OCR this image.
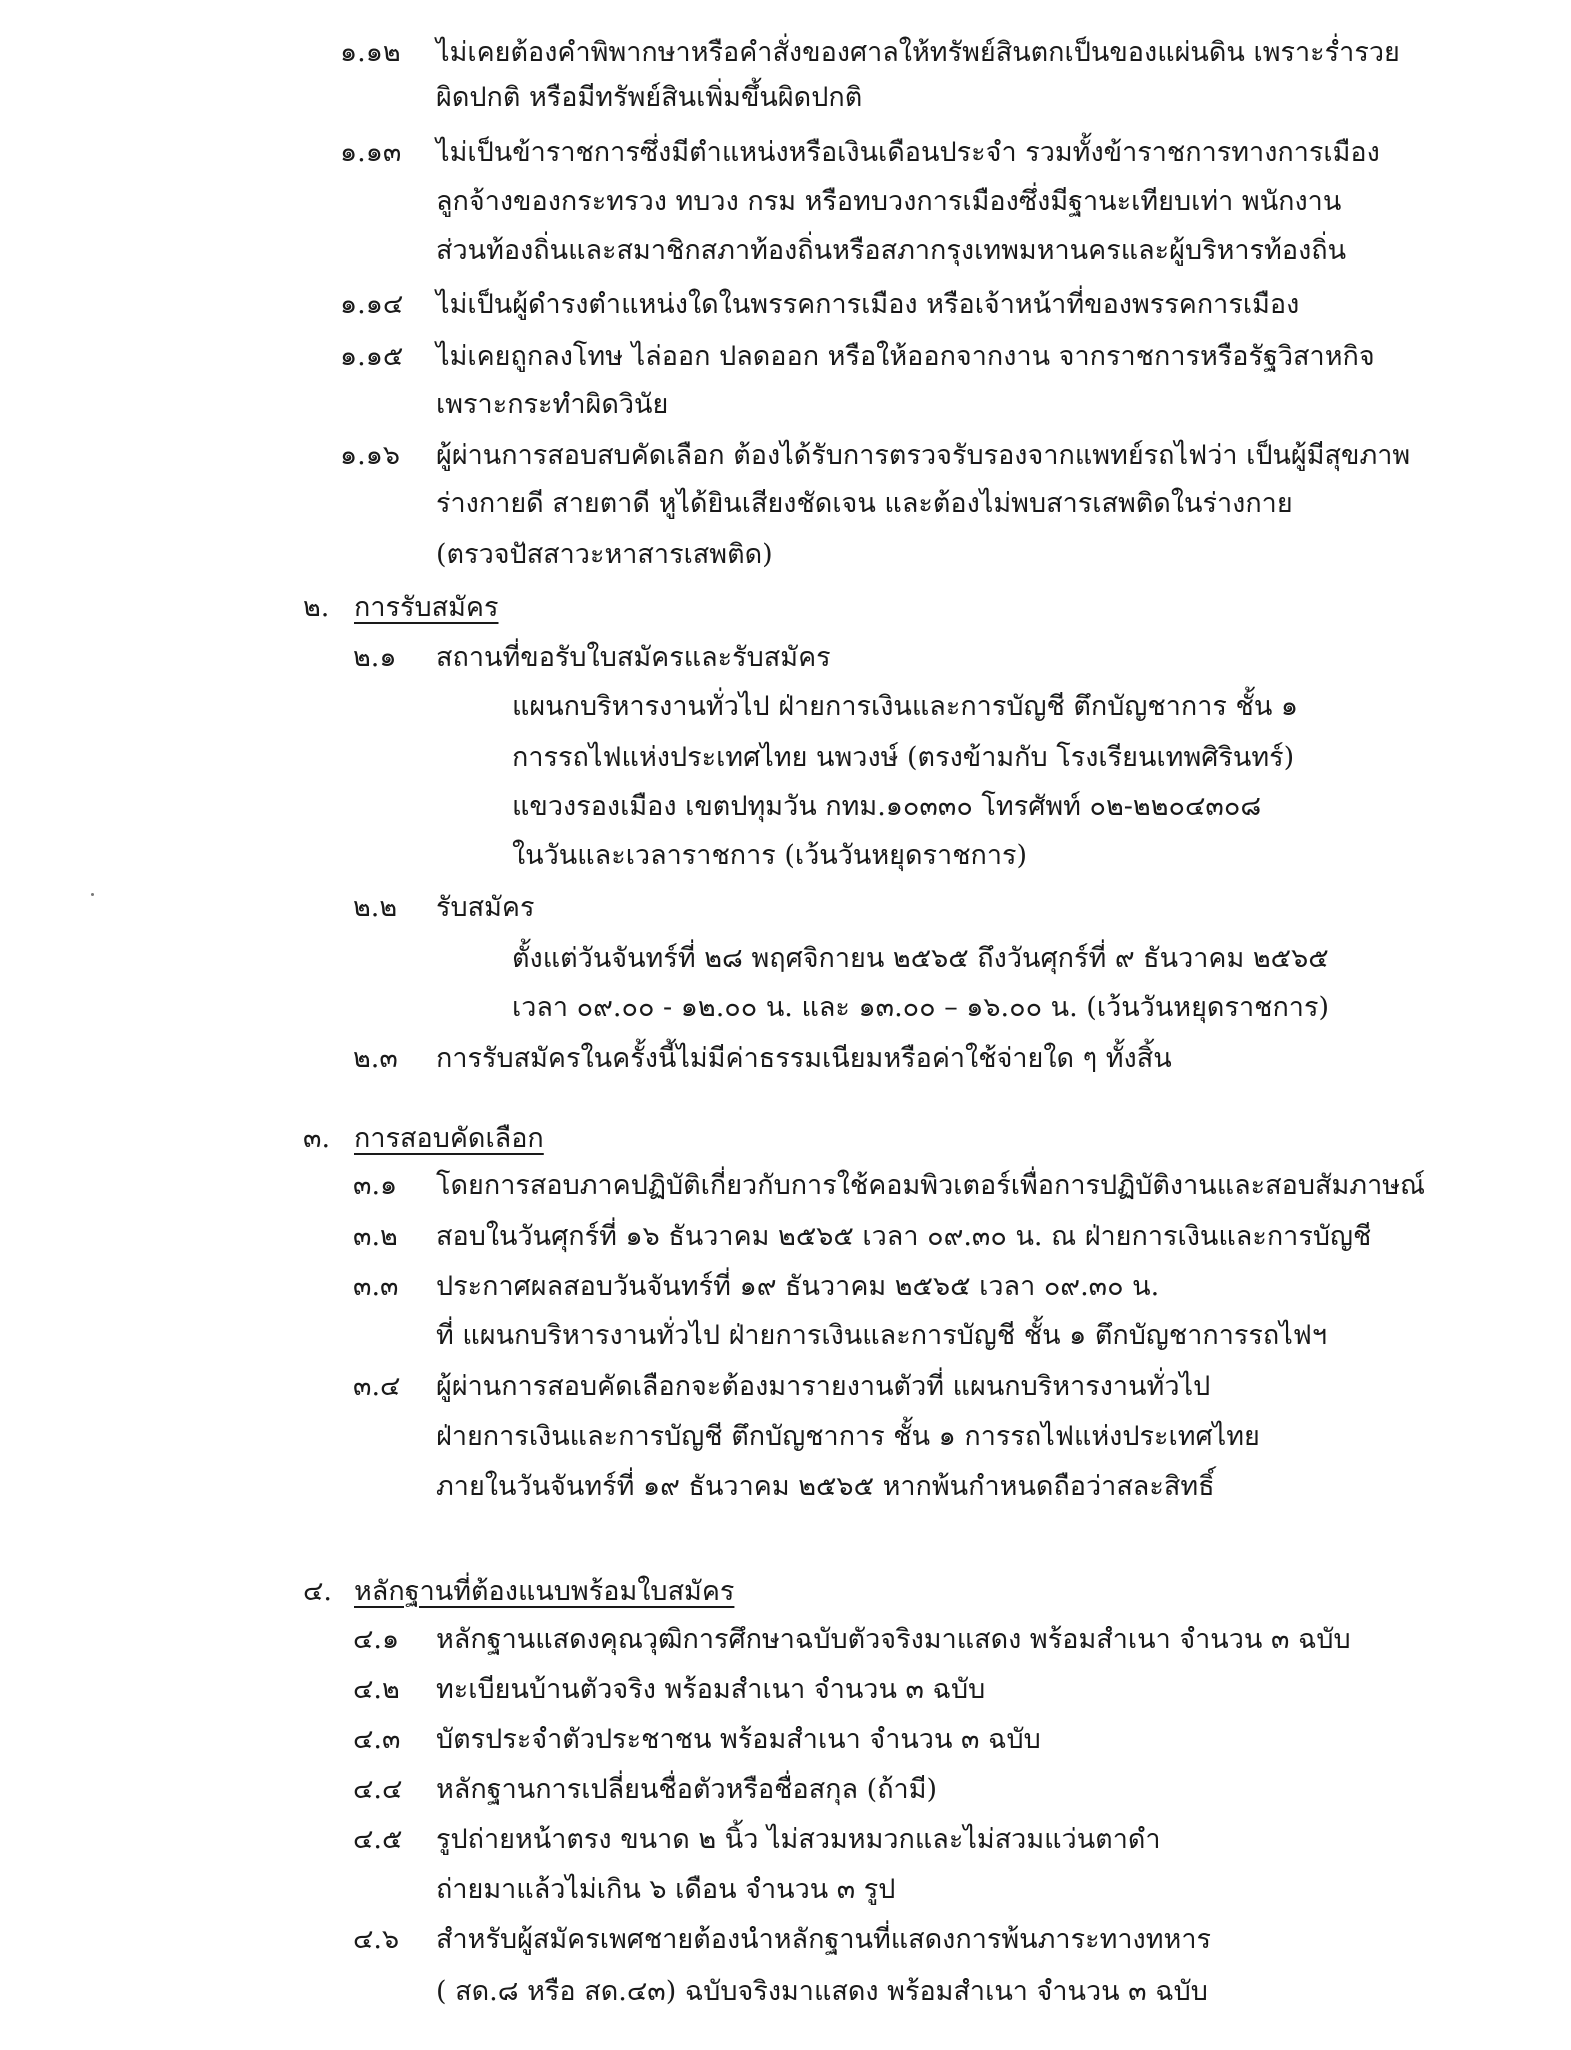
๑.๑๒ ไม่เคยต้องคำพิพากษาหรือคำสั่งของศาลให้ทรัพย์สินตกเป็นของแผ่นดิน เพราะร่ำรวย
ผิดปกติ หรือมีทรัพย์สินเพิ่มขึ้นผิดปกติ
๑.๑๓ ไม่เป็นข้าราชการซึ่งมีตำแหน่งหรือเงินเดือนประจำ รวมทั้งข้าราชการทางการเมือง
ลูกจ้างของกระทรวง ทบวง กรม หรือทบวงการเมืองซึ่งมีฐานะเทียบเท่า พนักงาน
ส่วนท้องถิ่นและสมาชิกสภาท้องถิ่นหรือสภากรุงเทพมหานครและผู้บริหารท้องถิ่น
๑.๑๔ ไม่เป็นผู้ดำรงตำแหน่งใดในพรรคการเมือง หรือเจ้าหน้าที่ของพรรคการเมือง
๑.๑๕ ไม่เคยถูกลงโทษ ไล่ออก ปลดออก หรือให้ออกจากงาน จากราชการหรือรัฐวิสาหกิจ
เพราะกระทำผิดวินัย
๑.๑๖ ผู้ผ่านการสอบสบคัดเลือก ต้องได้รับการตรวจรับรองจากแพทย์รถไฟว่า เป็นผู้มีสุขภาพ
ร่างกายดี สายตาดี หูได้ยินเสียงชัดเจน และต้องไม่พบสารเสพติดในร่างกาย
(ตรวจปัสสาวะหาสารเสพติด)
๒. การรับสมัคร
๒.๑ สถานที่ขอรับใบสมัครและรับสมัคร
แผนกบริหารงานทั่วไป ฝ่ายการเงินและการบัญชี ตึกบัญชาการ ชั้น ๑
การรถไฟแห่งประเทศไทย นพวงษ์ (ตรงข้ามกับ โรงเรียนเทพศิรินทร์)
แขวงรองเมือง เขตปทุมวัน กทม.๑๐๓๓๐ โทรศัพท์ ๐๒-๒๒๐๔๓๐๘
ในวันและเวลาราชการ (เว้นวันหยุดราชการ)
๒.๒ รับสมัคร
ตั้งแต่วันจันทร์ที่ ๒๘ พฤศจิกายน ๒๕๖๕ ถึงวันศุกร์ที่ ๙ ธันวาคม ๒๕๖๕
เวลา ๐๙.๐๐ - ๑๒.๐๐ น. และ ๑๓.๐๐ – ๑๖.๐๐ น. (เว้นวันหยุดราชการ)
๒.๓ การรับสมัครในครั้งนี้ไม่มีค่าธรรมเนียมหรือค่าใช้จ่ายใด ๆ ทั้งสิ้น
๓. การสอบคัดเลือก
๓.๑ โดยการสอบภาคปฏิบัติเกี่ยวกับการใช้คอมพิวเตอร์เพื่อการปฏิบัติงานและสอบสัมภาษณ์
๓.๒ สอบในวันศุกร์ที่ ๑๖ ธันวาคม ๒๕๖๕ เวลา ๐๙.๓๐ น. ณ ฝ่ายการเงินและการบัญชี
๓.๓ ประกาศผลสอบวันจันทร์ที่ ๑๙ ธันวาคม ๒๕๖๕ เวลา ๐๙.๓๐ น.
ที่ แผนกบริหารงานทั่วไป ฝ่ายการเงินและการบัญชี ชั้น ๑ ตึกบัญชาการรถไฟฯ
๓.๔ ผู้ผ่านการสอบคัดเลือกจะต้องมารายงานตัวที่ แผนกบริหารงานทั่วไป
ฝ่ายการเงินและการบัญชี ตึกบัญชาการ ชั้น ๑ การรถไฟแห่งประเทศไทย
ภายในวันจันทร์ที่ ๑๙ ธันวาคม ๒๕๖๕ หากพ้นกำหนดถือว่าสละสิทธิ์
๔. หลักฐานที่ต้องแนบพร้อมใบสมัคร
๔.๑ หลักฐานแสดงคุณวุฒิการศึกษาฉบับตัวจริงมาแสดง พร้อมสำเนา จำนวน ๓ ฉบับ
๔.๒ ทะเบียนบ้านตัวจริง พร้อมสำเนา จำนวน ๓ ฉบับ
๔.๓ บัตรประจำตัวประชาชน พร้อมสำเนา จำนวน ๓ ฉบับ
๔.๔ หลักฐานการเปลี่ยนชื่อตัวหรือชื่อสกุล (ถ้ามี)
๔.๕ รูปถ่ายหน้าตรง ขนาด ๒ นิ้ว ไม่สวมหมวกและไม่สวมแว่นตาดำ
ถ่ายมาแล้วไม่เกิน ๖ เดือน จำนวน ๓ รูป
๔.๖ สำหรับผู้สมัครเพศชายต้องนำหลักฐานที่แสดงการพ้นภาระทางทหาร
( สด.๘ หรือ สด.๔๓) ฉบับจริงมาแสดง พร้อมสำเนา จำนวน ๓ ฉบับ
